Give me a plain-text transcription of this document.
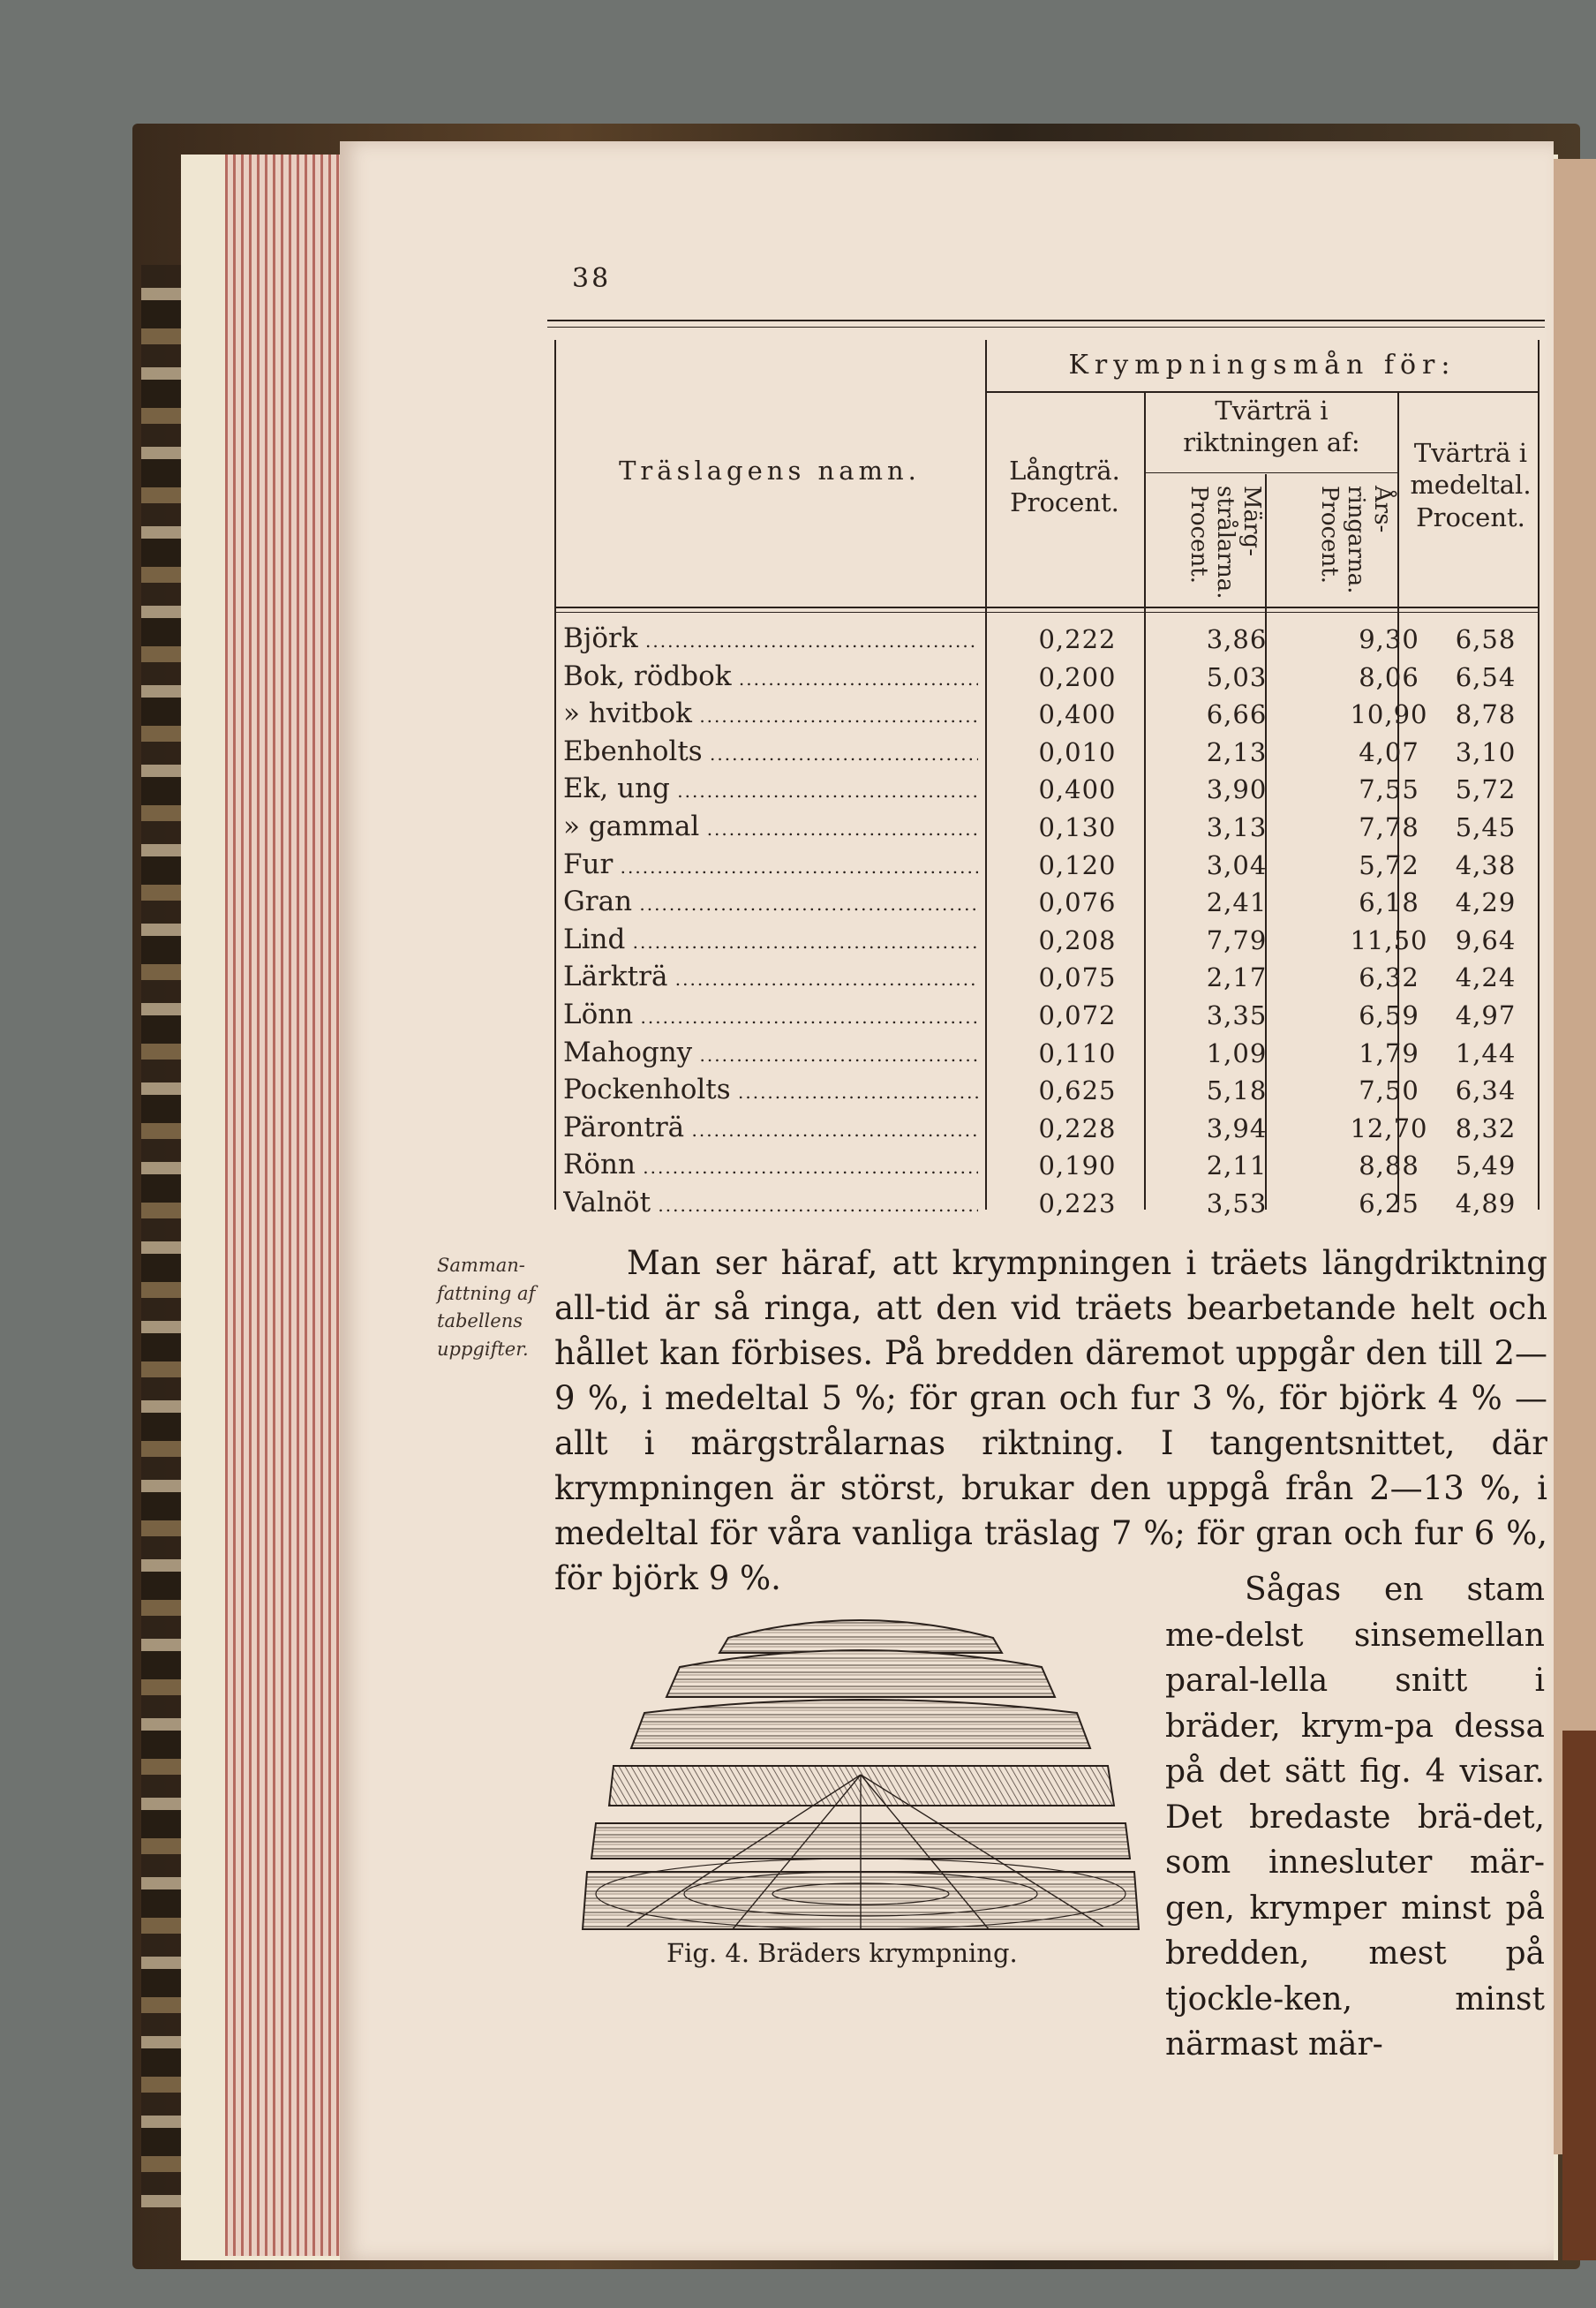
38
Träslagens namn.
Krympningsmån för:
Långträ.
Procent.
Tvärträ i riktningen af:	Tvärträ i medeltal.
Procent.
Märg-
strålarna.
Procent.	Års-
ringarna.
Procent.
Björk .....	0,222	3,86	9,30	6,58
Bok, rödbok .....	0,200	5,03	8,06	6,54
» hvitbok .....	0,400	6,66	10,90	8,78
Ebenholts .....	0,010	2,13	4,07	3,10
Ek, ung .....	0,400	3,90	7,55	5,72
» gammal .....	0,130	3,13	7,78	5,45
Fur .....	0,120	3,04	5,72	4,38
Gran .....	0,076	2,41	6,18	4,29
Lind .....	0,208	7,79	11,50	9,64
Lärkträ .....	0,075	2,17	6,32	4,24
Lönn .....	0,072	3,35	6,59	4,97
Mahogny .....	0,110	1,09	1,79	1,44
Pockenholts .....	0,625	5,18	7,50	6,34
Päronträ .....	0,228	3,94	12,70	8,32
Rönn .....	0,190	2,11	8,88	5,49
Valnöt .....	0,223	3,53	6,25	4,89
Samman-fattning af tabellens uppgifter.

Man ser häraf, att krympningen i träets längdriktning all-tid är så ringa, att den vid träets bearbetande helt och hållet kan förbises. På bredden däremot uppgår den till 2—9 %, i medeltal 5 %; för gran och fur 3 %, för björk 4 % — allt i märgstrålarnas riktning. I tangentsnittet, där krympningen är störst, brukar den uppgå från 2—13 %, i medeltal för våra vanliga träslag 7 %; för gran och fur 6 %, för björk 9 %.

Fig. 4. Bräders krympning.

Sågas en stam me-delst sinsemellan paral-lella snitt i bräder, krym-pa dessa på det sätt fig. 4 visar. Det bredaste brä-det, som innesluter mär-gen, krymper minst på bredden, mest på tjockle-ken, minst närmast mär-
